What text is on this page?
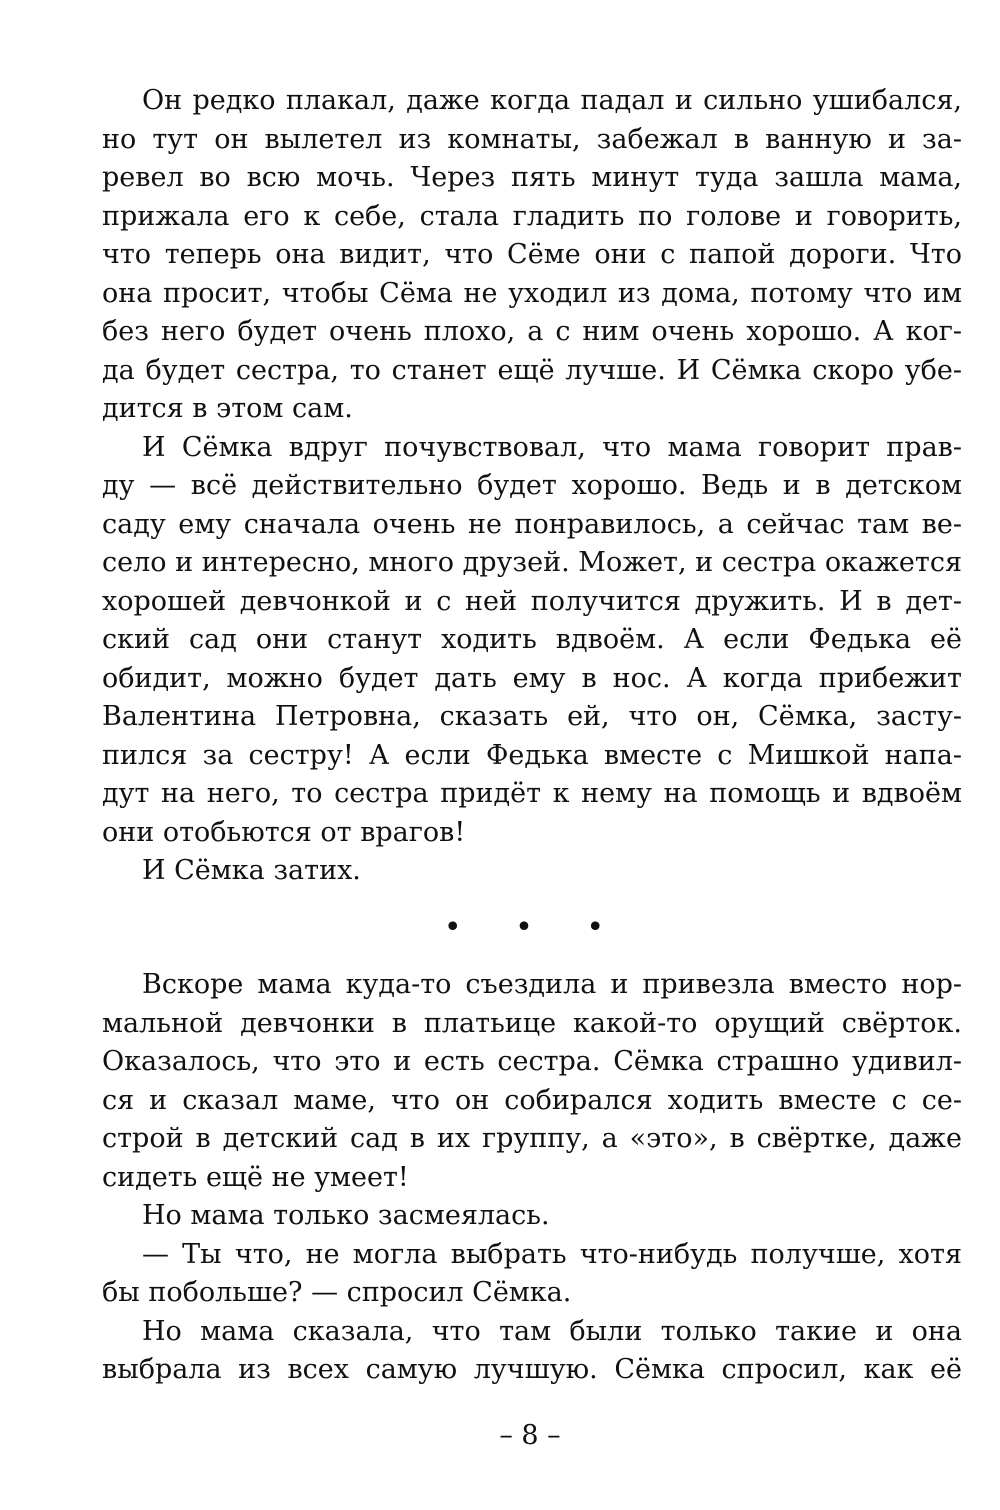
Он редко плакал, даже когда падал и сильно ушибался,
но тут он вылетел из комнаты, забежал в ванную и за-
ревел во всю мочь. Через пять минут туда зашла мама,
прижала его к себе, стала гладить по голове и говорить,
что теперь она видит, что Сёме они с папой дороги. Что
она просит, чтобы Сёма не уходил из дома, потому что им
без него будет очень плохо, а с ним очень хорошо. А ког-
да будет сестра, то станет ещё лучше. И Сёмка скоро убе-
дится в этом сам.
И Сёмка вдруг почувствовал, что мама говорит прав-
ду — всё действительно будет хорошо. Ведь и в детском
саду ему сначала очень не понравилось, а сейчас там ве-
село и интересно, много друзей. Может, и сестра окажется
хорошей девчонкой и с ней получится дружить. И в дет-
ский сад они станут ходить вдвоём. А если Федька её
обидит, можно будет дать ему в нос. А когда прибежит
Валентина Петровна, сказать ей, что он, Сёмка, засту-
пился за сестру! А если Федька вместе с Мишкой напа-
дут на него, то сестра придёт к нему на помощь и вдвоём
они отобьются от врагов!
И Сёмка затих.
• • •
Вскоре мама куда-то съездила и привезла вместо нор-
мальной девчонки в платьице какой-то орущий свёрток.
Оказалось, что это и есть сестра. Сёмка страшно удивил-
ся и сказал маме, что он собирался ходить вместе с се-
строй в детский сад в их группу, а «это», в свёртке, даже
сидеть ещё не умеет!
Но мама только засмеялась.
— Ты что, не могла выбрать что-нибудь получше, хотя
бы побольше? — спросил Сёмка.
Но мама сказала, что там были только такие и она
выбрала из всех самую лучшую. Сёмка спросил, как её
– 8 –
